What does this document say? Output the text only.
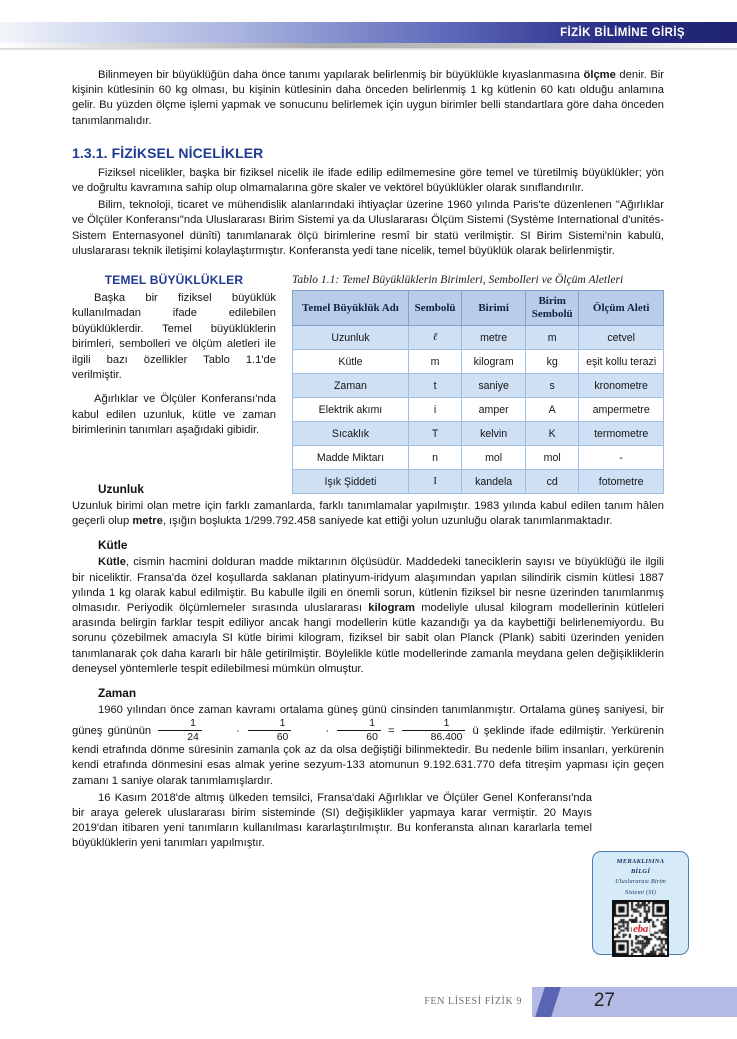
FİZİK BİLİMİNE GİRİŞ

Bilinmeyen bir büyüklüğün daha önce tanımı yapılarak belirlenmiş bir büyüklükle kıyaslanmasına ölçme denir. Bir kişinin kütlesinin 60 kg olması, bu kişinin kütlesinin daha önceden belirlenmiş 1 kg kütlenin 60 katı olduğu anlamına gelir. Bu yüzden ölçme işlemi yapmak ve sonucunu belirlemek için uygun birimler belli standartlara göre daha önceden tanımlanmalıdır.

1.3.1. FİZİKSEL NİCELİKLER

Fiziksel nicelikler, başka bir fiziksel nicelik ile ifade edilip edilmemesine göre temel ve türetilmiş büyüklükler; yön ve doğrultu kavramına sahip olup olmamalarına göre skaler ve vektörel büyüklükler olarak sınıflandırılır.

Bilim, teknoloji, ticaret ve mühendislik alanlarındaki ihtiyaçlar üzerine 1960 yılında Paris'te düzenlenen "Ağırlıklar ve Ölçüler Konferansı"nda Uluslararası Birim Sistemi ya da Uluslararası Ölçüm Sistemi (Système International d'unités-Sistem Enternasyonel dünîti) tanımlanarak ölçü birimlerine resmî bir statü verilmiştir. SI Birim Sistemi'nin kabulü, uluslararası teknik iletişimi kolaylaştırmıştır. Konferansta yedi tane nicelik, temel büyüklük olarak belirlenmiştir.

TEMEL BÜYÜKLÜKLER

Başka bir fiziksel büyüklük kullanılmadan ifade edilebilen büyüklüklerdir. Temel büyüklüklerin birimleri, sembolleri ve ölçüm aletleri ile ilgili bazı özellikler Tablo 1.1'de verilmiştir.

Ağırlıklar ve Ölçüler Konferansı'nda kabul edilen uzunluk, kütle ve zaman birimlerinin tanımları aşağıdaki gibidir.

Tablo 1.1: Temel Büyüklüklerin Birimleri, Sembolleri ve Ölçüm Aletleri
Temel Büyüklük Adı	Sembolü	Birimi	Birim Sembolü	Ölçüm Aleti
Uzunluk	ℓ	metre	m	cetvel
Kütle	m	kilogram	kg	eşit kollu terazi
Zaman	t	saniye	s	kronometre
Elektrik akımı	i	amper	A	ampermetre
Sıcaklık	T	kelvin	K	termometre
Madde Miktarı	n	mol	mol	-
Işık Şiddeti	I	kandela	cd	fotometre
Uzunluk

Uzunluk birimi olan metre için farklı zamanlarda, farklı tanımlamalar yapılmıştır. 1983 yılında kabul edilen tanım hâlen geçerli olup metre, ışığın boşlukta 1/299.792.458 saniyede kat ettiği yolun uzunluğu olarak tanımlanmaktadır.

Kütle

Kütle, cismin hacmini dolduran madde miktarının ölçüsüdür. Maddedeki taneciklerin sayısı ve büyüklüğü ile ilgili bir niceliktir. Fransa'da özel koşullarda saklanan platinyum-iridyum alaşımından yapılan silindirik cismin kütlesi 1887 yılında 1 kg olarak kabul edilmiştir. Bu kabulle ilgili en önemli sorun, kütlenin fiziksel bir nesne üzerinden tanımlanmış olmasıdır. Periyodik ölçümlemeler sırasında uluslararası kilogram modeliyle ulusal kilogram modellerinin kütleleri arasında belirgin farklar tespit ediliyor ancak hangi modellerin kütle kazandığı ya da kaybettiği belirlenemiyordu. Bu sorunu çözebilmek amacıyla SI kütle birimi kilogram, fiziksel bir sabit olan Planck (Plank) sabiti üzerinden yeniden tanımlanarak çok daha kararlı bir hâle getirilmiştir. Böylelikle kütle modellerinde zamanla meydana gelen değişikliklerin deneysel yöntemlerle tespit edilebilmesi mümkün olmuştur.

Zaman

1960 yılından önce zaman kavramı ortalama güneş günü cinsinden tanımlanmıştır. Ortalama güneş saniyesi, bir güneş gününün $\frac{1}{24}$	· $\frac{1}{60}$	· $\frac{1}{60} = \frac{1}{86.400}$ ü şeklinde ifade edilmiştir. Yerkürenin kendi etrafında dönme süresinin zamanla çok az da olsa değiştiği bilinmektedir. Bu nedenle bilim insanları, yerkürenin kendi etrafında dönmesini esas almak yerine sezyum-133 atomunun 9.192.631.770 defa titreşim yapması için geçen zamanı 1 saniye olarak tanımlamışlardır.

16 Kasım 2018'de altmış ülkeden temsilci, Fransa'daki Ağırlıklar ve Ölçüler Genel Konferansı'nda bir araya gelerek uluslararası birim sisteminde (SI) değişiklikler yapmaya karar vermiştir. 20 Mayıs 2019'dan itibaren yeni tanımların kullanılması kararlaştırılmıştır. Bu konferansta alınan kararlarla temel büyüklüklerin yeni tanımları yapılmıştır.

MERAKLISINA
BİLGİ
Uluslararası Birim
Sistemi (SI)
eba
FEN LİSESİ FİZİK 9	27
